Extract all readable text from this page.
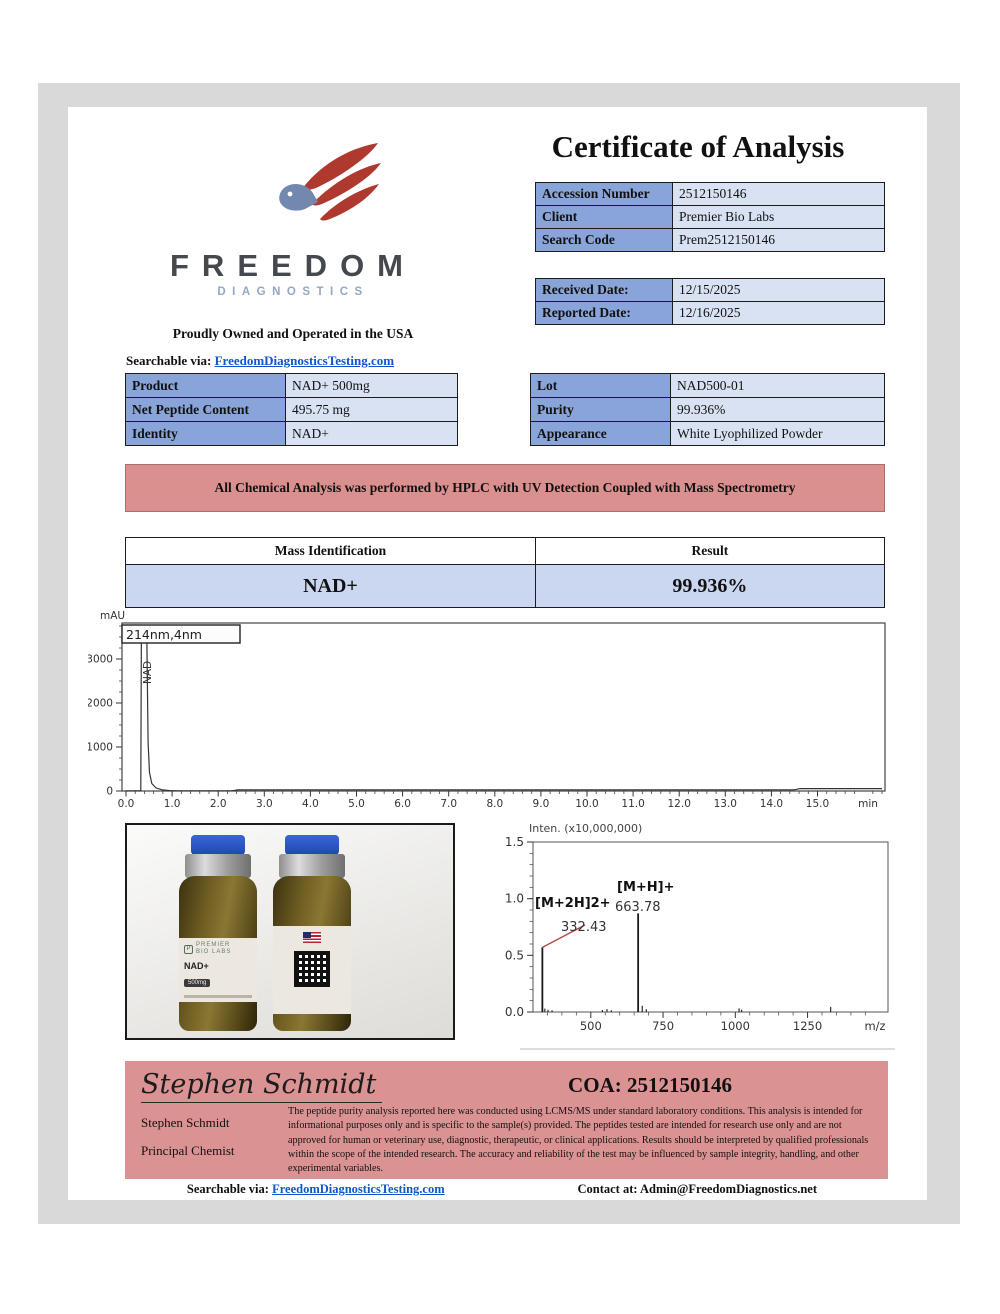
FREEDOM
DIAGNOSTICS
Proudly Owned and Operated in the USA
Searchable via: FreedomDiagnosticsTesting.com
Certificate of Analysis
Accession Number	2512150146
Client	Premier Bio Labs
Search Code	Prem2512150146
Received Date:	12/15/2025
Reported Date:	12/16/2025
Product	NAD+ 500mg
Net Peptide Content	495.75 mg
Identity	NAD+
Lot	NAD500-01
Purity	99.936%
Appearance	White Lyophilized Powder
All Chemical Analysis was performed by HPLC with UV Detection Coupled with Mass Spectrometry
Mass Identification	Result
NAD+	99.936%
0.0	1.0	2.0	3.0	4.0	5.0	6.0	7.0	8.0	9.0 10.0 11.0 12.0 13.0 14.0 15.0	min
0
1000
2000
3000
mAU
214nm,4nm
NAD
P
PREMIER
BIO LABS
NAD+
500mg
Inten. (x10,000,000)
0.0
0.5
1.0
1.5
500	750	1000	1250	m/z
[M+2H]2+
332.43
[M+H]+
663.78
Stephen Schmidt	COA: 2512150146
Stephen Schmidt
Principal Chemist
The peptide purity analysis reported here was conducted using LCMS/MS under standard laboratory conditions. This analysis is intended for informational purposes only and is specific to the sample(s) provided. The peptides tested are intended for research use only and are not approved for human or veterinary use, diagnostic, therapeutic, or clinical applications. Results should be interpreted by qualified professionals within the scope of the intended research. The accuracy and reliability of the test may be influenced by sample integrity, handling, and other experimental variables.
Searchable via: FreedomDiagnosticsTesting.com	Contact at: Admin@FreedomDiagnostics.net
